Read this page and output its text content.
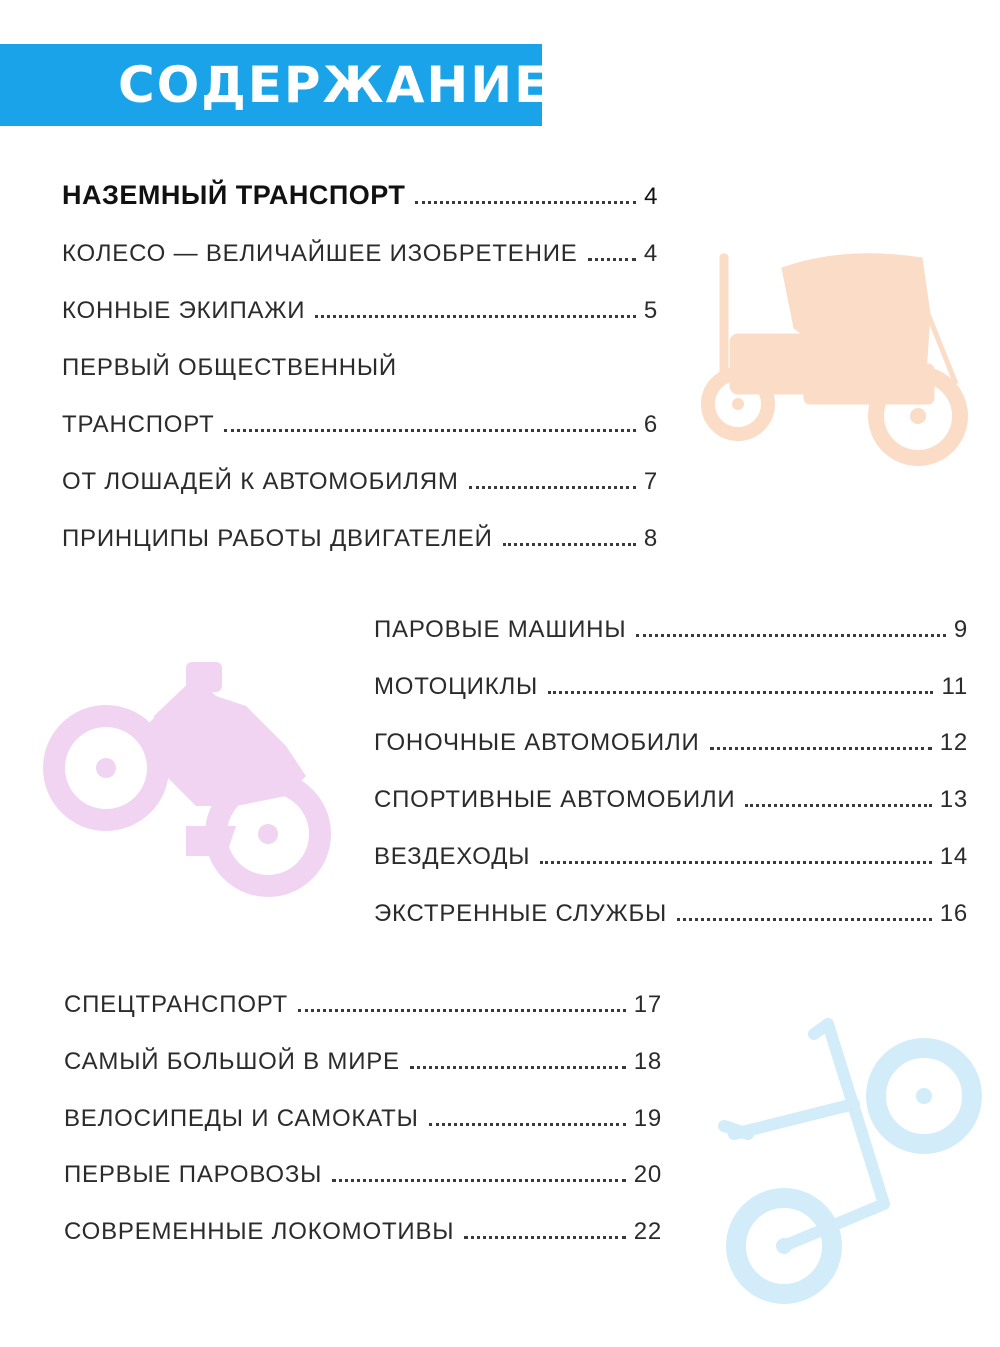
СОДЕРЖАНИЕ
НАЗЕМНЫЙ ТРАНСПОРТ	4
КОЛЕСО — ВЕЛИЧАЙШЕЕ ИЗОБРЕТЕНИЕ	4
КОННЫЕ ЭКИПАЖИ	5
ПЕРВЫЙ ОБЩЕСТВЕННЫЙ
ТРАНСПОРТ	6
ОТ ЛОШАДЕЙ К АВТОМОБИЛЯМ	7
ПРИНЦИПЫ РАБОТЫ ДВИГАТЕЛЕЙ	8
ПАРОВЫЕ МАШИНЫ	9
МОТОЦИКЛЫ	11
ГОНОЧНЫЕ АВТОМОБИЛИ	12
СПОРТИВНЫЕ АВТОМОБИЛИ	13
ВЕЗДЕХОДЫ	14
ЭКСТРЕННЫЕ СЛУЖБЫ	16
СПЕЦТРАНСПОРТ	17
САМЫЙ БОЛЬШОЙ В МИРЕ	18
ВЕЛОСИПЕДЫ И САМОКАТЫ	19
ПЕРВЫЕ ПАРОВОЗЫ	20
СОВРЕМЕННЫЕ ЛОКОМОТИВЫ	22
